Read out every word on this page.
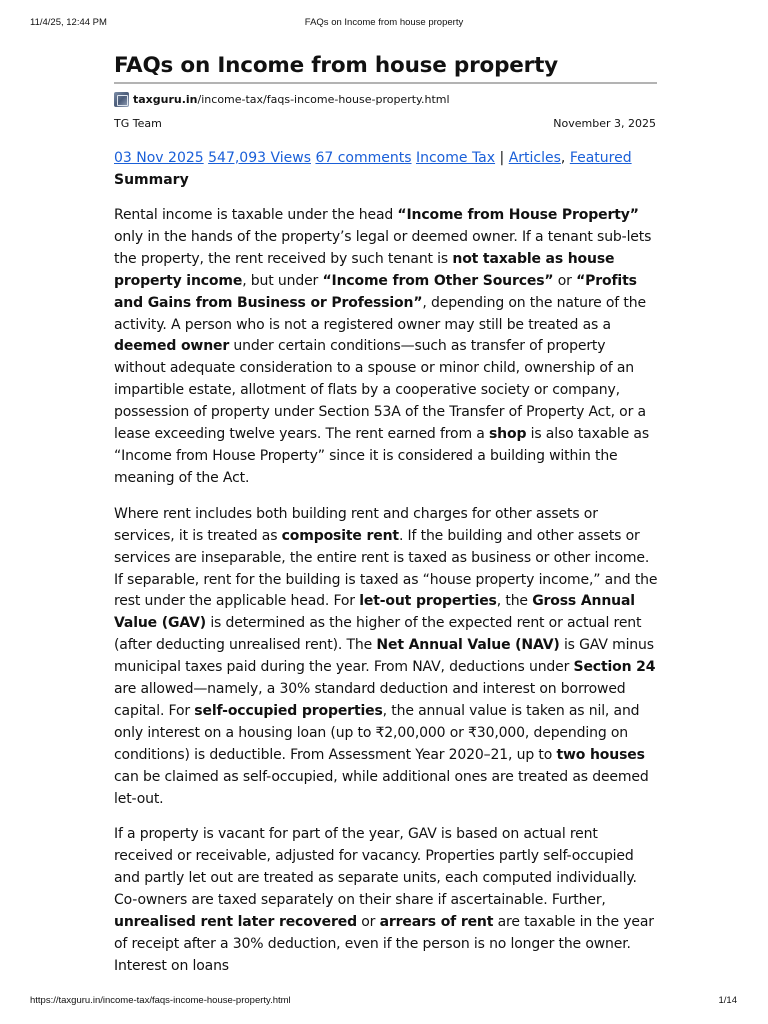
11/4/25, 12:44 PM	FAQs on Income from house property
FAQs on Income from house property
taxguru.in /income-tax/faqs-income-house-property.html
TG Team	November 3, 2025
03 Nov 2025 547,093 Views 67 comments Income Tax | Articles, Featured
Summary

Rental income is taxable under the head “Income from House Property” only in the hands of the property’s legal or deemed owner. If a tenant sub-lets the property, the rent received by such tenant is not taxable as house property income, but under “Income from Other Sources” or “Profits and Gains from Business or Profession”, depending on the nature of the activity. A person who is not a registered owner may still be treated as a deemed owner under certain conditions—such as transfer of property without adequate consideration to a spouse or minor child, ownership of an impartible estate, allotment of flats by a cooperative society or company, possession of property under Section 53A of the Transfer of Property Act, or a lease exceeding twelve years. The rent earned from a shop is also taxable as “Income from House Property” since it is considered a building within the meaning of the Act.

Where rent includes both building rent and charges for other assets or services, it is treated as composite rent. If the building and other assets or services are inseparable, the entire rent is taxed as business or other income. If separable, rent for the building is taxed as “house property income,” and the rest under the applicable head. For let-out properties, the Gross Annual Value (GAV) is determined as the higher of the expected rent or actual rent (after deducting unrealised rent). The Net Annual Value (NAV) is GAV minus municipal taxes paid during the year. From NAV, deductions under Section 24 are allowed—namely, a 30% standard deduction and interest on borrowed capital. For self-occupied properties, the annual value is taken as nil, and only interest on a housing loan (up to ₹2,00,000 or ₹30,000, depending on conditions) is deductible. From Assessment Year 2020–21, up to two houses can be claimed as self-occupied, while additional ones are treated as deemed let-out.

If a property is vacant for part of the year, GAV is based on actual rent received or receivable, adjusted for vacancy. Properties partly self-occupied and partly let out are treated as separate units, each computed individually. Co-owners are taxed separately on their share if ascertainable. Further, unrealised rent later recovered or arrears of rent are taxable in the year of receipt after a 30% deduction, even if the person is no longer the owner. Interest on loans

https://taxguru.in/income-tax/faqs-income-house-property.html	1/14
